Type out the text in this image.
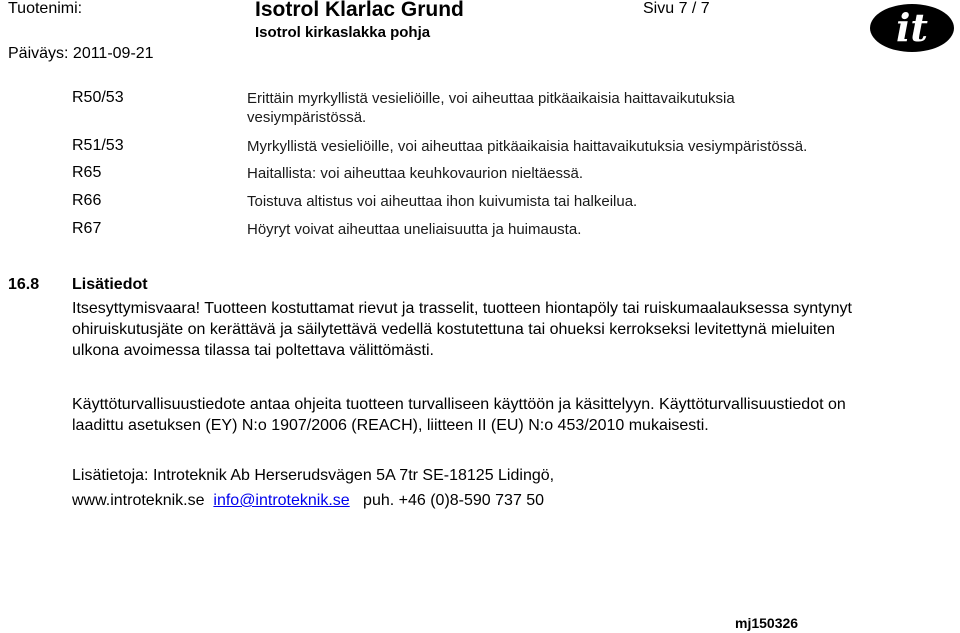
Tuotenimi:	Isotrol Klarlac Grund
Isotrol kirkaslakka pohja
Sivu 7 / 7
Päiväys: 2011-09-21
it
R50/53	Erittäin myrkyllistä vesieliöille, voi aiheuttaa pitkäaikaisia haittavaikutuksia
vesiympäristössä.
R51/53	Myrkyllistä vesieliöille, voi aiheuttaa pitkäaikaisia haittavaikutuksia vesiympäristössä.
R65	Haitallista: voi aiheuttaa keuhkovaurion nieltäessä.
R66	Toistuva altistus voi aiheuttaa ihon kuivumista tai halkeilua.
R67	Höyryt voivat aiheuttaa uneliaisuutta ja huimausta.
16.8 Lisätiedot
Itsesyttymisvaara! Tuotteen kostuttamat rievut ja trasselit, tuotteen hiontapöly tai ruiskumaalauksessa syntynyt
ohiruiskutusjäte on kerättävä ja säilytettävä vedellä kostutettuna tai ohueksi kerrokseksi levitettynä mieluiten
ulkona avoimessa tilassa tai poltettava välittömästi.
Käyttöturvallisuustiedote antaa ohjeita tuotteen turvalliseen käyttöön ja käsittelyyn. Käyttöturvallisuustiedot on
laadittu asetuksen (EY) N:o 1907/2006 (REACH), liitteen II (EU) N:o 453/2010 mukaisesti.
Lisätietoja: Introteknik Ab Herserudsvägen 5A 7tr SE-18125 Lidingö,
www.introteknik.se info@introteknik.se puh. +46 (0)8-590 737 50
mj150326
